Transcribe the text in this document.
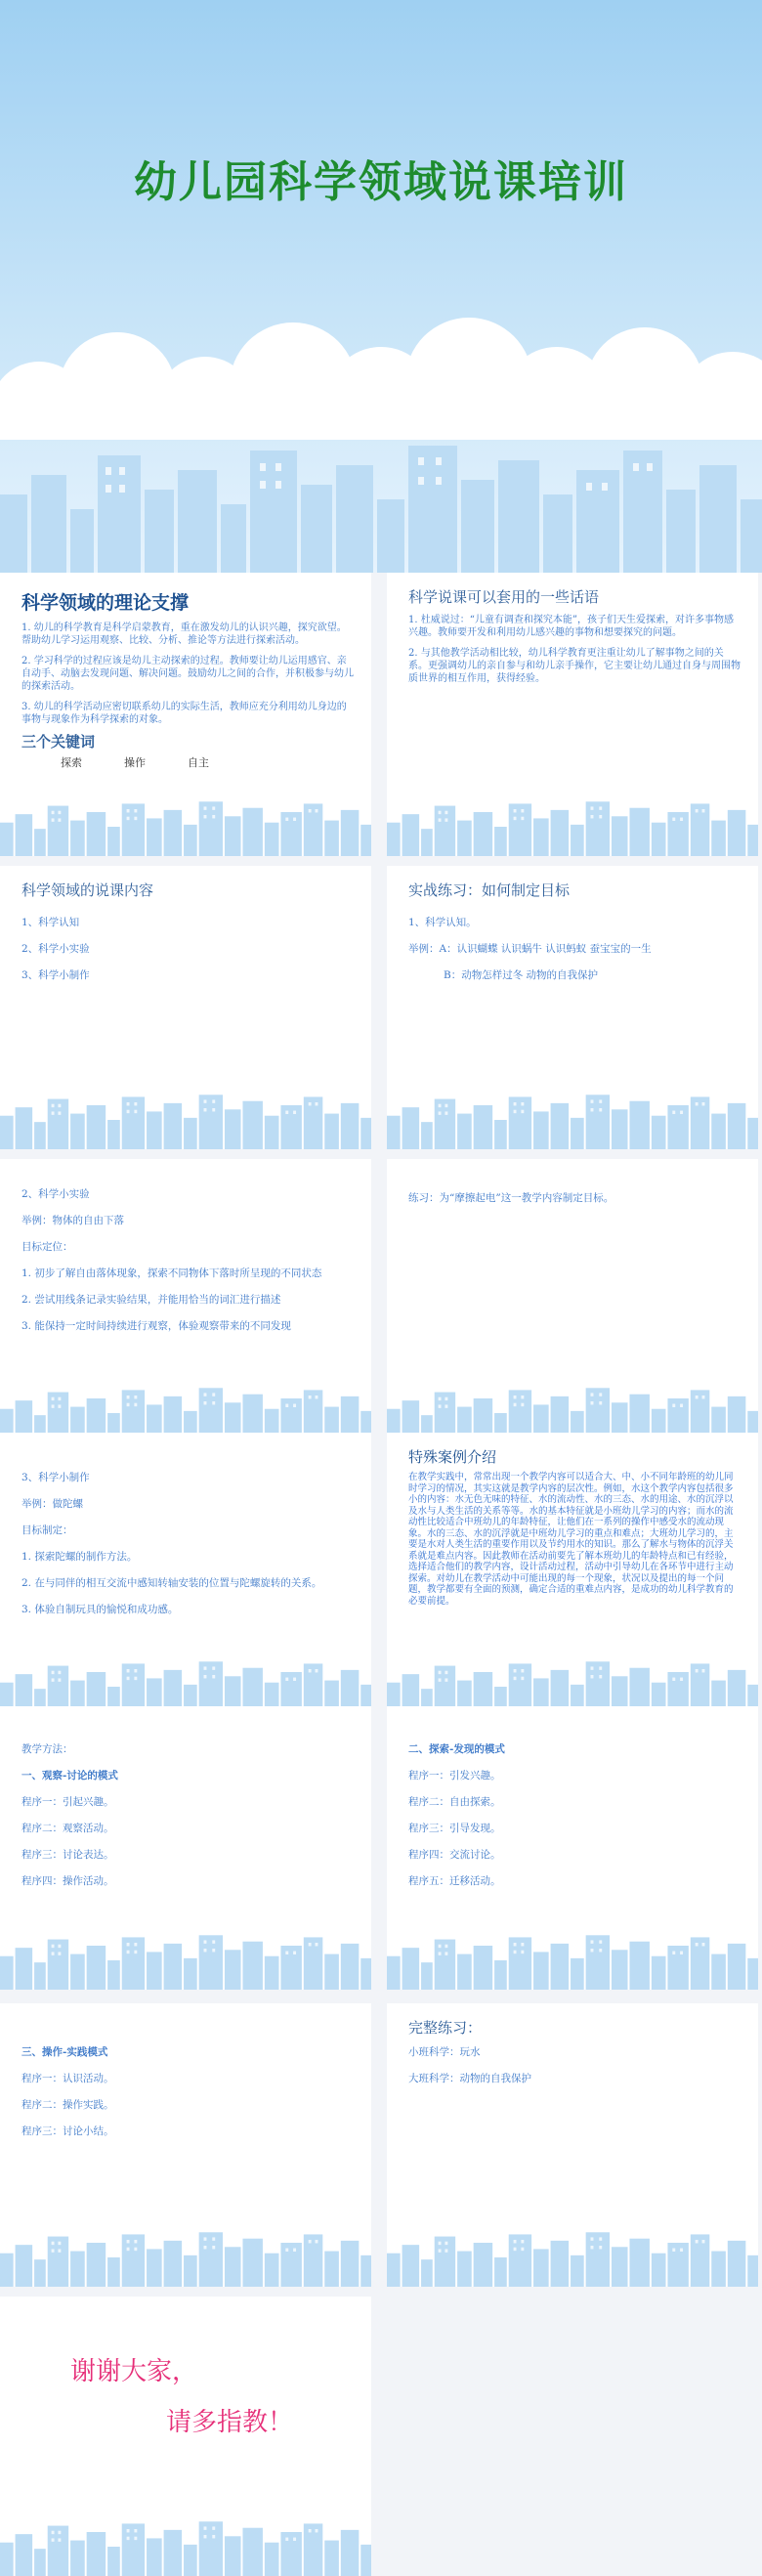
幼儿园科学领域说课培训
科学领域的理论支撑
1. 幼儿的科学教育是科学启蒙教育，重在激发幼儿的认识兴趣，探究欲望。帮助幼儿学习运用观察、比较、分析、推论等方法进行探索活动。
2. 学习科学的过程应该是幼儿主动探索的过程。教师要让幼儿运用感官、亲自动手、动脑去发现问题、解决问题。鼓励幼儿之间的合作，并积极参与幼儿的探索活动。
3. 幼儿的科学活动应密切联系幼儿的实际生活，教师应充分利用幼儿身边的事物与现象作为科学探索的对象。
三个关键词
探索	操作	自主
科学说课可以套用的一些话语
1. 杜威说过：“儿童有调查和探究本能”，孩子们天生爱探索，对许多事物感兴趣。教师要开发和利用幼儿感兴趣的事物和想要探究的问题。
2. 与其他教学活动相比较，幼儿科学教育更注重让幼儿了解事物之间的关系。更强调幼儿的亲自参与和幼儿亲手操作，它主要让幼儿通过自身与周围物质世界的相互作用，获得经验。
科学领域的说课内容
1、科学认知
2、科学小实验
3、科学小制作
实战练习：如何制定目标
1、科学认知。
举例：A：认识蝴蝶 认识蜗牛 认识蚂蚁 蚕宝宝的一生
B：动物怎样过冬 动物的自我保护
2、科学小实验
举例：物体的自由下落
目标定位：
1. 初步了解自由落体现象，探索不同物体下落时所呈现的不同状态
2. 尝试用线条记录实验结果，并能用恰当的词汇进行描述
3. 能保持一定时间持续进行观察，体验观察带来的不同发现
练习：为“摩擦起电”这一教学内容制定目标。
3、科学小制作
举例：做陀螺
目标制定：
1. 探索陀螺的制作方法。
2. 在与同伴的相互交流中感知转轴安装的位置与陀螺旋转的关系。
3. 体验自制玩具的愉悦和成功感。
特殊案例介绍
在教学实践中，常常出现一个教学内容可以适合大、中、小不同年龄班的幼儿同时学习的情况，其实这就是教学内容的层次性。例如，水这个教学内容包括很多小的内容：水无色无味的特征、水的流动性、水的三态、水的用途、水的沉浮以及水与人类生活的关系等等。水的基本特征就是小班幼儿学习的内容；而水的流动性比较适合中班幼儿的年龄特征，让他们在一系列的操作中感受水的流动现象。水的三态、水的沉浮就是中班幼儿学习的重点和难点；大班幼儿学习的，主要是水对人类生活的重要作用以及节约用水的知识。那么了解水与物体的沉浮关系就是难点内容。因此教师在活动前要先了解本班幼儿的年龄特点和已有经验，选择适合他们的教学内容，设计活动过程，活动中引导幼儿在各环节中进行主动探索。对幼儿在教学活动中可能出现的每一个现象，状况以及提出的每一个问题，教学都要有全面的预测，确定合适的重难点内容，是成功的幼儿科学教育的必要前提。
教学方法：
一、观察-讨论的模式
程序一：引起兴趣。
程序二：观察活动。
程序三：讨论表达。
程序四：操作活动。
二、探索-发现的模式
程序一：引发兴趣。
程序二：自由探索。
程序三：引导发现。
程序四：交流讨论。
程序五：迁移活动。
三、操作-实践模式
程序一：认识活动。
程序二：操作实践。
程序三：讨论小结。
完整练习：
小班科学：玩水
大班科学：动物的自我保护
谢谢大家，
请多指教！
